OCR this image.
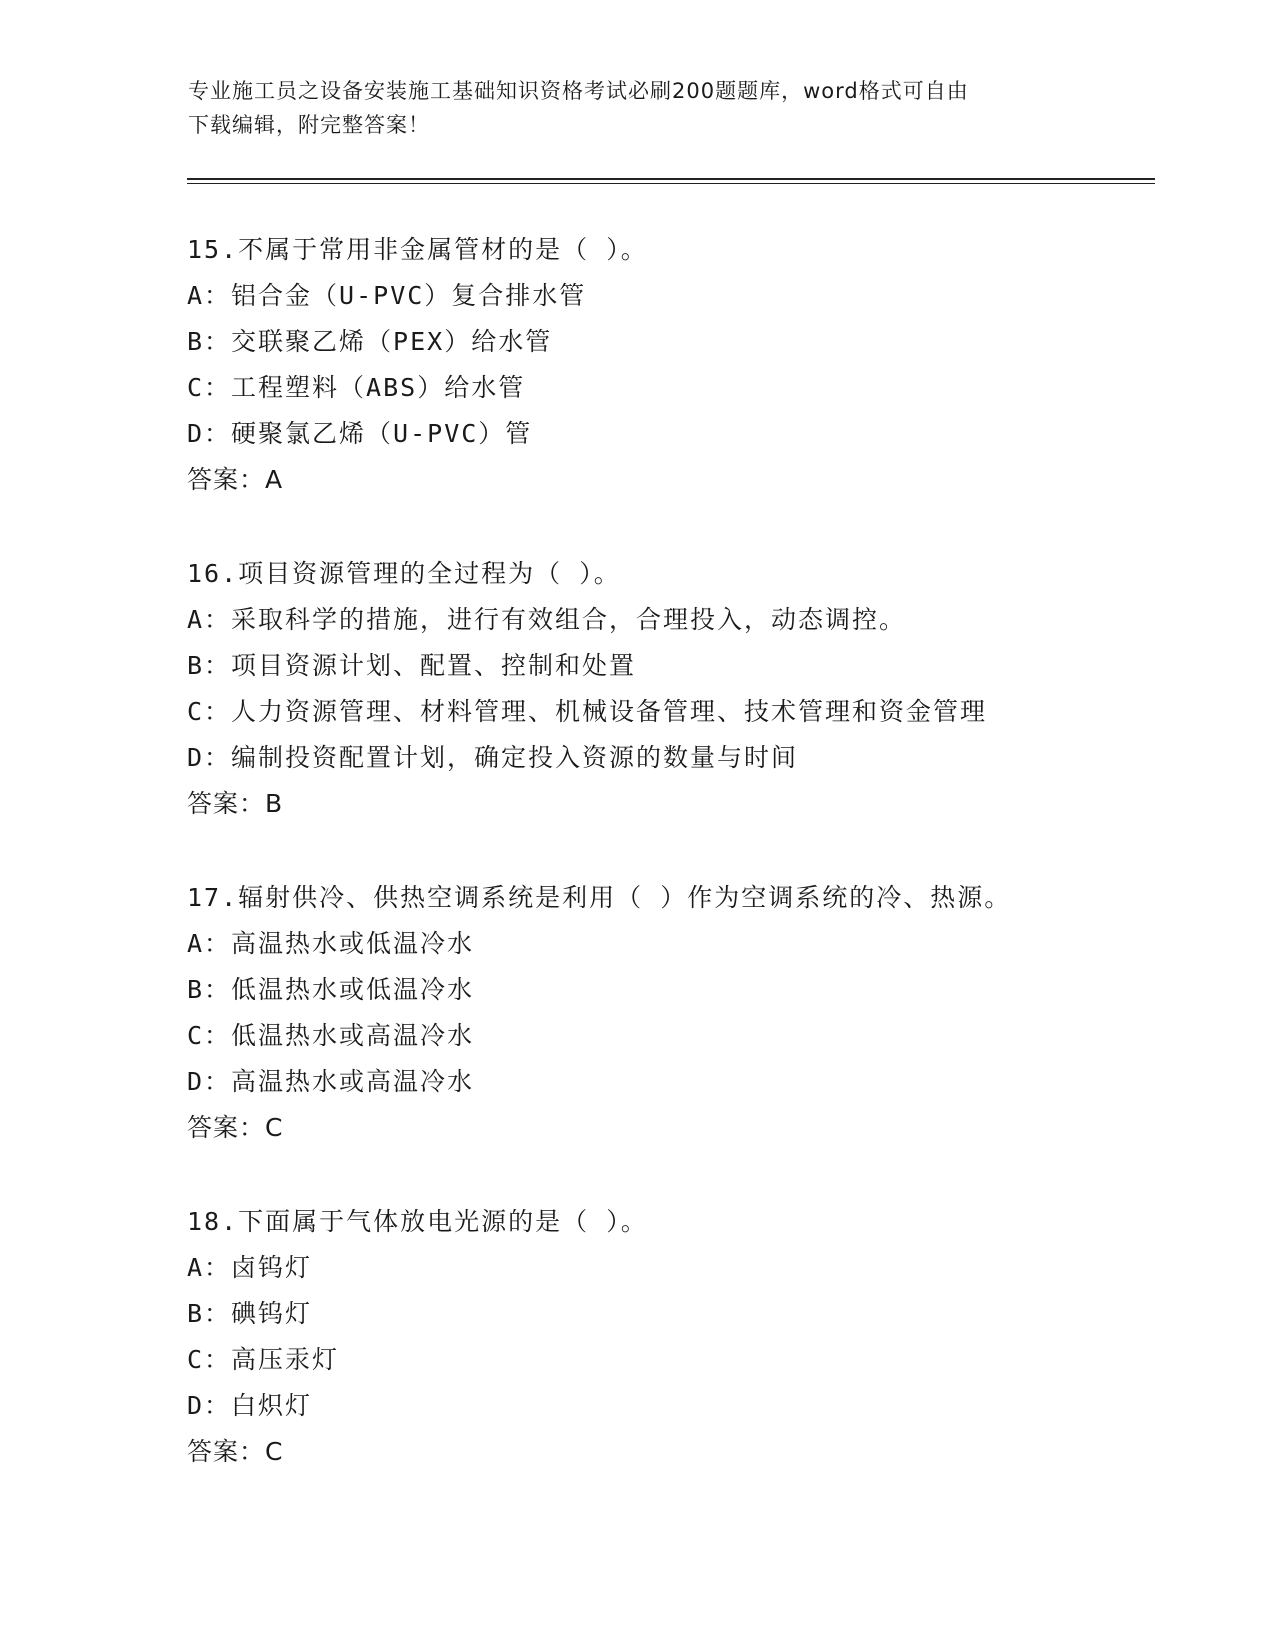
专业施工员之设备安装施工基础知识资格考试必刷200题题库，word格式可自由
下载编辑，附完整答案！
15.不属于常用非金属管材的是（ ）。
A：铝合金（U-PVC）复合排水管
B：交联聚乙烯（PEX）给水管
C：工程塑料（ABS）给水管
D：硬聚氯乙烯（U-PVC）管
答案：A
16.项目资源管理的全过程为（ ）。
A：采取科学的措施，进行有效组合，合理投入，动态调控。
B：项目资源计划、配置、控制和处置
C：人力资源管理、材料管理、机械设备管理、技术管理和资金管理
D：编制投资配置计划，确定投入资源的数量与时间
答案：B
17.辐射供冷、供热空调系统是利用（ ）作为空调系统的冷、热源。
A：高温热水或低温冷水
B：低温热水或低温冷水
C：低温热水或高温冷水
D：高温热水或高温冷水
答案：C
18.下面属于气体放电光源的是（ ）。
A：卤钨灯
B：碘钨灯
C：高压汞灯
D：白炽灯
答案：C
